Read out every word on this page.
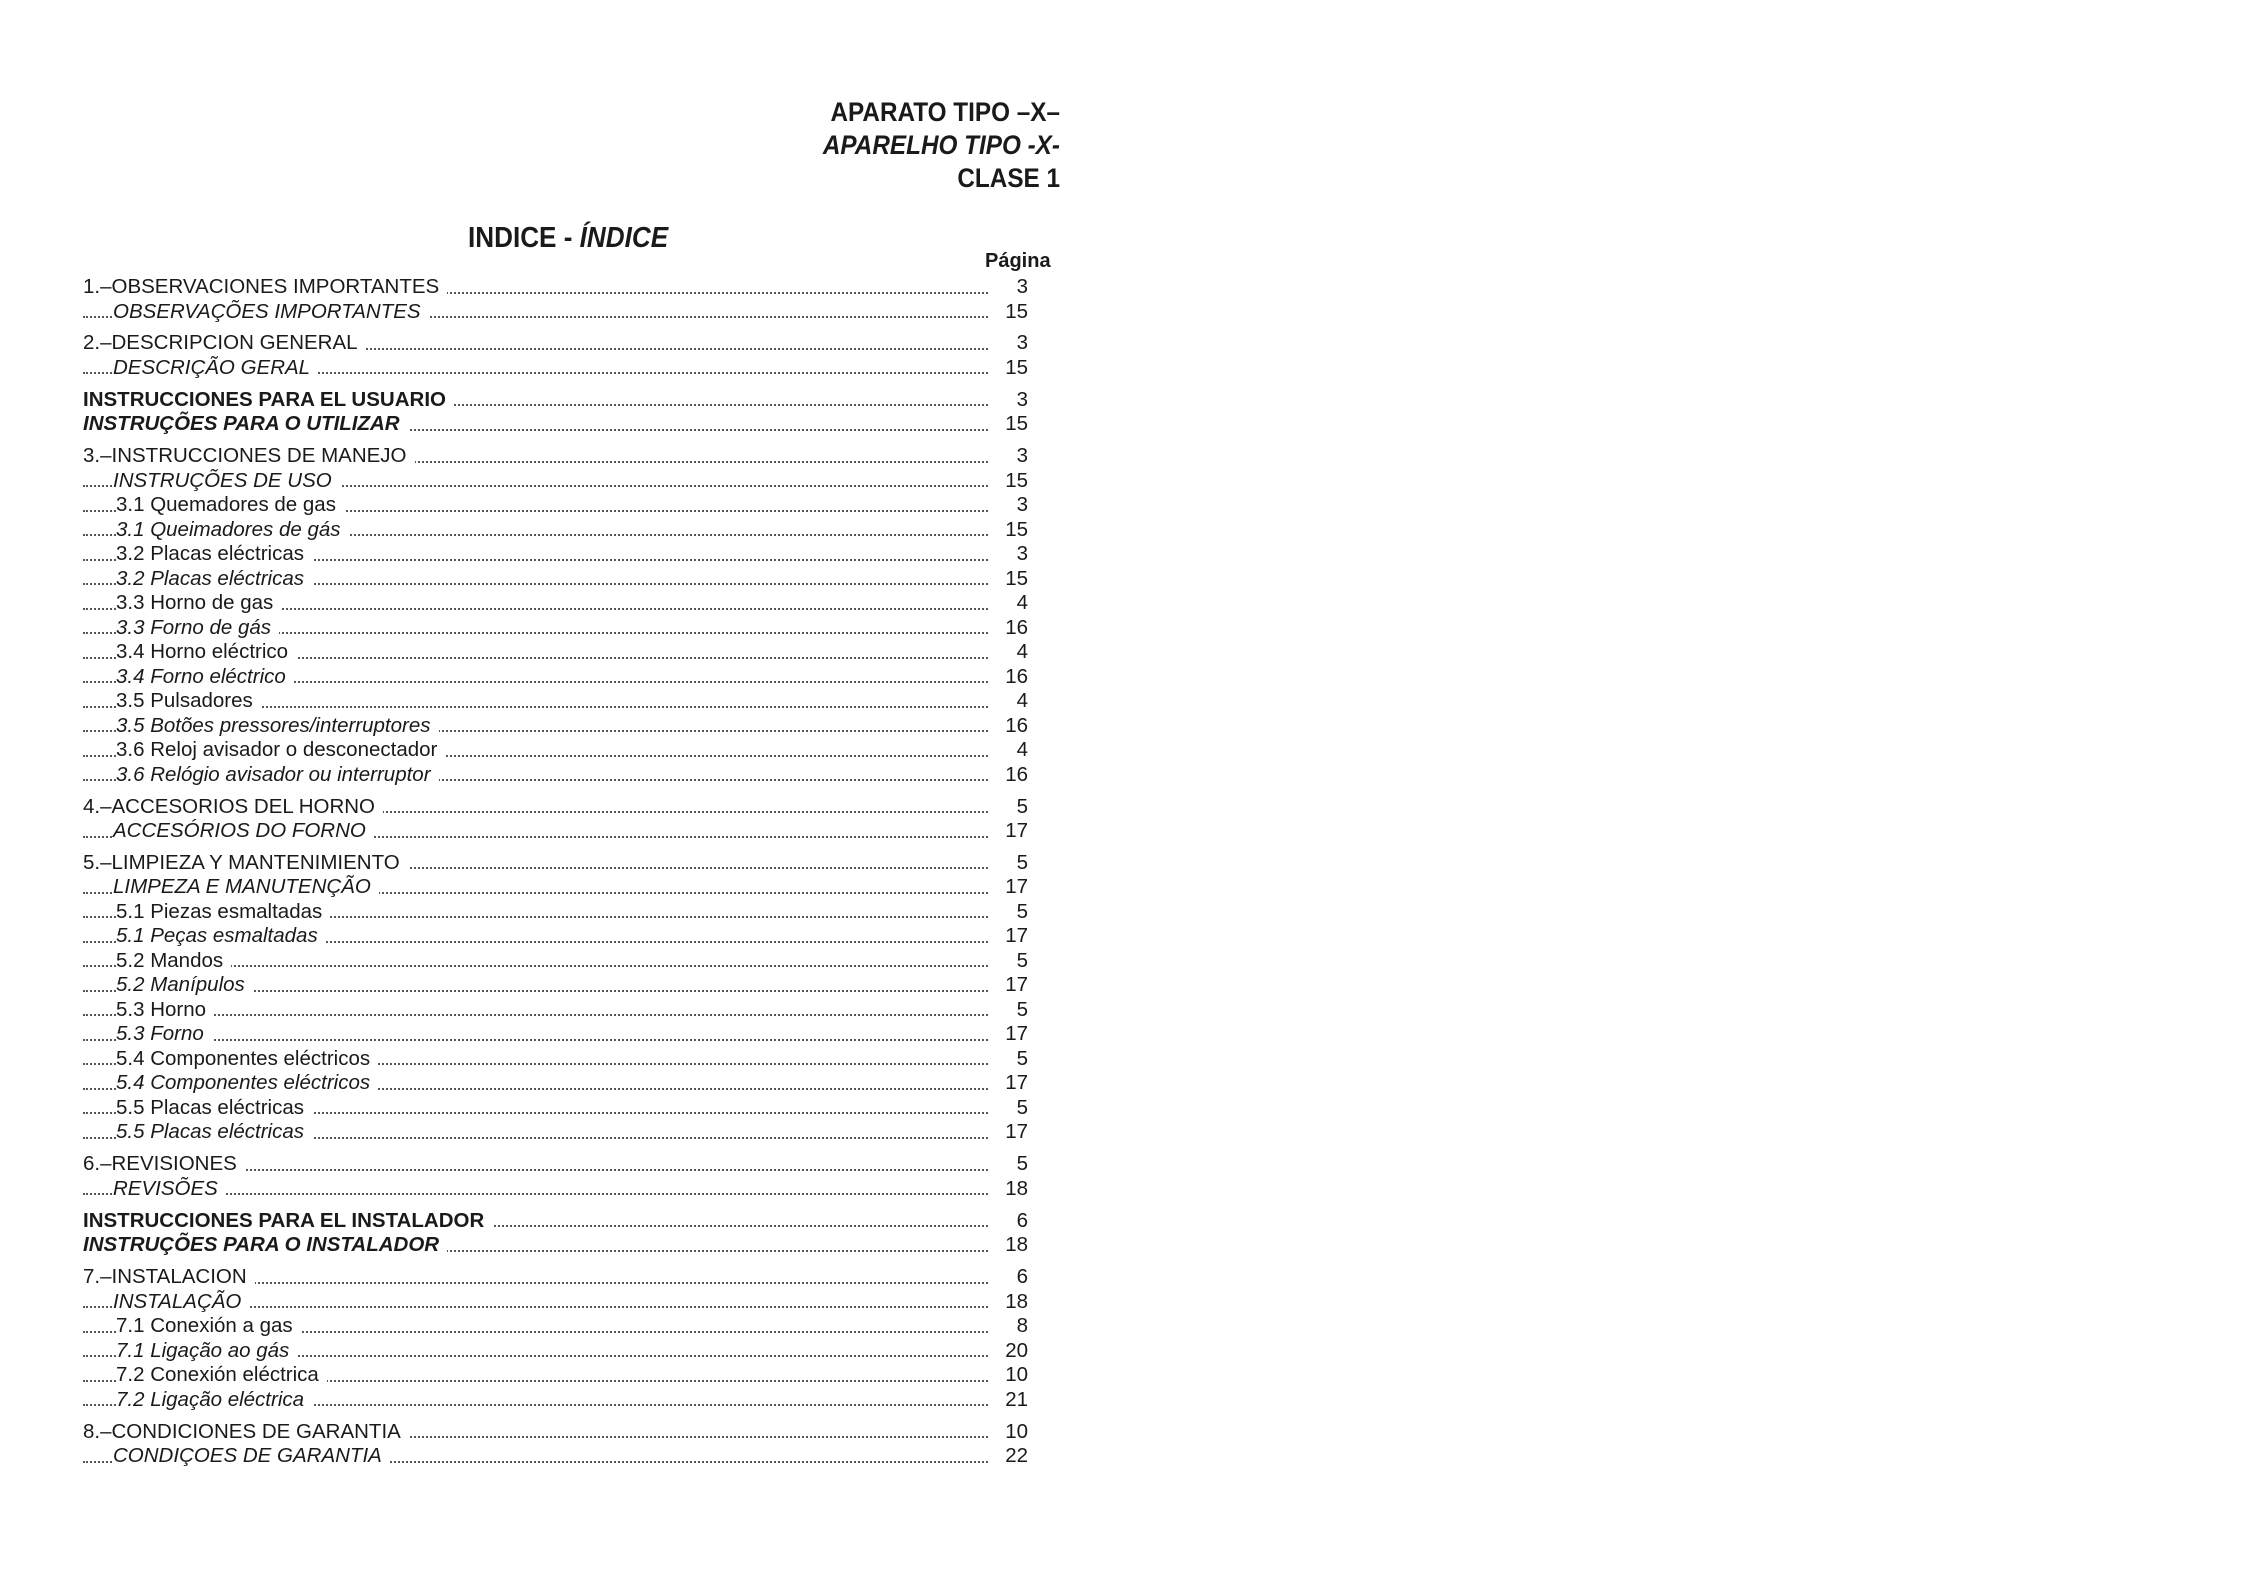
APARATO TIPO –X–
APARELHO TIPO -X-
CLASE 1
INDICE - ÍNDICE
Página
1.–OBSERVACIONES IMPORTANTES	3
OBSERVAÇÕES IMPORTANTES	15
2.–DESCRIPCION GENERAL	3
DESCRIÇÃO GERAL	15
INSTRUCCIONES PARA EL USUARIO	3
INSTRUÇÕES PARA O UTILIZAR	15
3.–INSTRUCCIONES DE MANEJO	3
INSTRUÇÕES DE USO	15
3.1 Quemadores de gas	3
3.1 Queimadores de gás	15
3.2 Placas eléctricas	3
3.2 Placas eléctricas	15
3.3 Horno de gas	4
3.3 Forno de gás	16
3.4 Horno eléctrico	4
3.4 Forno eléctrico	16
3.5 Pulsadores	4
3.5 Botões pressores/interruptores	16
3.6 Reloj avisador o desconectador	4
3.6 Relógio avisador ou interruptor	16
4.–ACCESORIOS DEL HORNO	5
ACCESÓRIOS DO FORNO	17
5.–LIMPIEZA Y MANTENIMIENTO	5
LIMPEZA E MANUTENÇÃO	17
5.1 Piezas esmaltadas	5
5.1 Peças esmaltadas	17
5.2 Mandos	5
5.2 Manípulos	17
5.3 Horno	5
5.3 Forno	17
5.4 Componentes eléctricos	5
5.4 Componentes eléctricos	17
5.5 Placas eléctricas	5
5.5 Placas eléctricas	17
6.–REVISIONES	5
REVISÕES	18
INSTRUCCIONES PARA EL INSTALADOR	6
INSTRUÇÕES PARA O INSTALADOR	18
7.–INSTALACION	6
INSTALAÇÃO	18
7.1 Conexión a gas	8
7.1 Ligação ao gás	20
7.2 Conexión eléctrica	10
7.2 Ligação eléctrica	21
8.–CONDICIONES DE GARANTIA	10
CONDIÇOES DE GARANTIA	22
